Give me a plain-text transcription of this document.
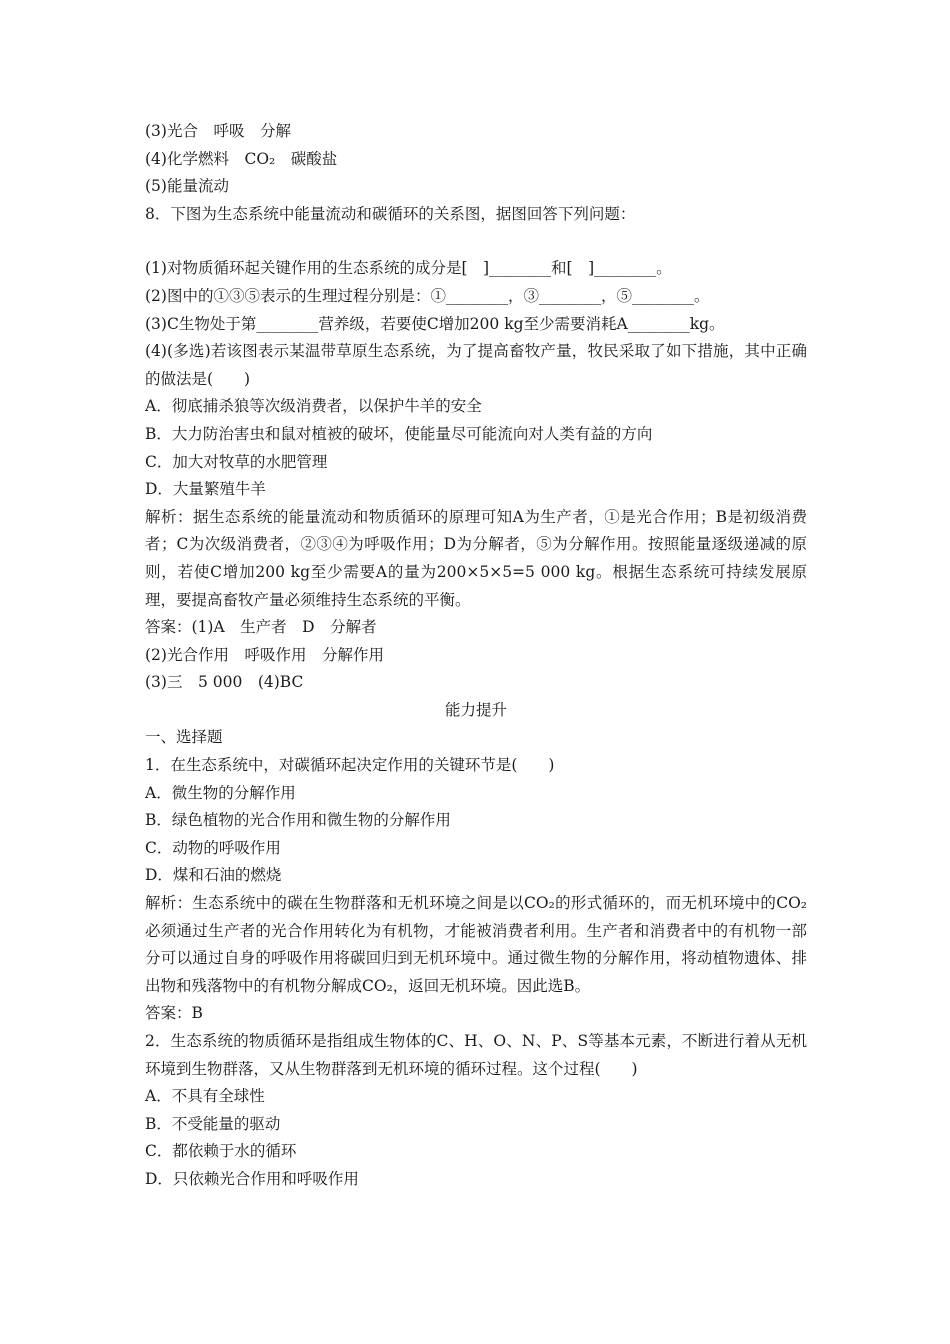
(3)光合　呼吸　分解
(4)化学燃料　CO₂　碳酸盐
(5)能量流动
8．下图为生态系统中能量流动和碳循环的关系图，据图回答下列问题：
(1)对物质循环起关键作用的生态系统的成分是[　]________和[　]________。
(2)图中的①③⑤表示的生理过程分别是：①________，③________，⑤________。
(3)C生物处于第________营养级，若要使C增加200 kg至少需要消耗A________kg。
(4)(多选)若该图表示某温带草原生态系统，为了提高畜牧产量，牧民采取了如下措施，其中正确的做法是(　　)
A．彻底捕杀狼等次级消费者，以保护牛羊的安全
B．大力防治害虫和鼠对植被的破坏，使能量尽可能流向对人类有益的方向
C．加大对牧草的水肥管理
D．大量繁殖牛羊
解析：据生态系统的能量流动和物质循环的原理可知A为生产者，①是光合作用；B是初级消费者；C为次级消费者，②③④为呼吸作用；D为分解者，⑤为分解作用。按照能量逐级递减的原则，若使C增加200 kg至少需要A的量为200×5×5=5 000 kg。根据生态系统可持续发展原理，要提高畜牧产量必须维持生态系统的平衡。
答案：(1)A　生产者　D　分解者
(2)光合作用　呼吸作用　分解作用
(3)三　5 000　(4)BC
能力提升
一、选择题
1．在生态系统中，对碳循环起决定作用的关键环节是(　　)
A．微生物的分解作用
B．绿色植物的光合作用和微生物的分解作用
C．动物的呼吸作用
D．煤和石油的燃烧
解析：生态系统中的碳在生物群落和无机环境之间是以CO₂的形式循环的，而无机环境中的CO₂必须通过生产者的光合作用转化为有机物，才能被消费者利用。生产者和消费者中的有机物一部分可以通过自身的呼吸作用将碳回归到无机环境中。通过微生物的分解作用，将动植物遗体、排出物和残落物中的有机物分解成CO₂，返回无机环境。因此选B。
答案：B
2．生态系统的物质循环是指组成生物体的C、H、O、N、P、S等基本元素，不断进行着从无机环境到生物群落，又从生物群落到无机环境的循环过程。这个过程(　　)
A．不具有全球性
B．不受能量的驱动
C．都依赖于水的循环
D．只依赖光合作用和呼吸作用
